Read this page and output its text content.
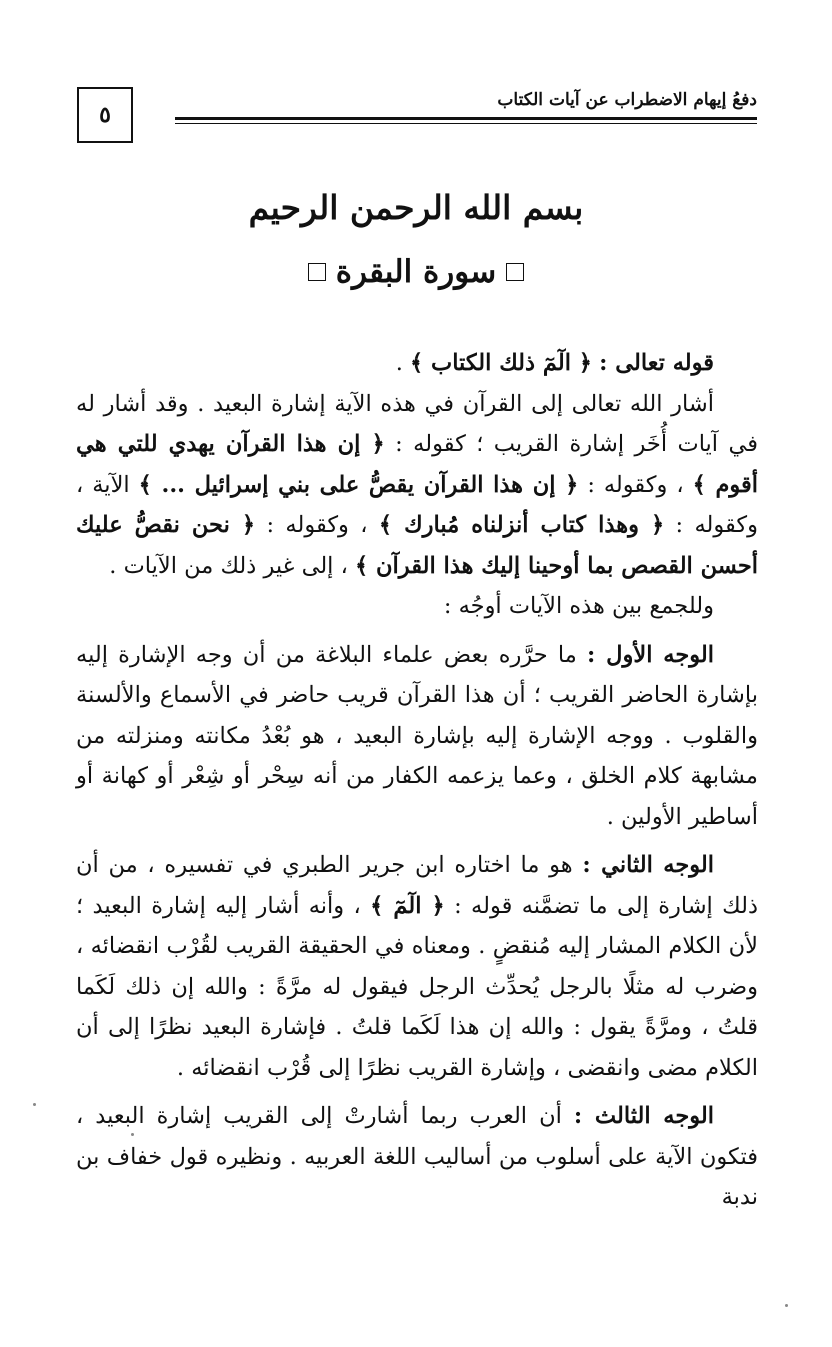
٥
دفعُ إيهام الاضطراب عن آيات الكتاب
بسم الله الرحمن الرحيم
سورة البقرة

قوله تعالى : ﴿ الٓمٓ ذلك الكتاب ﴾ .

أشار الله تعالى إلى القرآن في هذه الآية إشارة البعيد . وقد أشار له في آيات أُخَر إشارة القريب ؛ كقوله : ﴿ إن هذا القرآن يهدي للتي هي أقوم ﴾ ، وكقوله : ﴿ إن هذا القرآن يقصُّ على بني إسرائيل ... ﴾ الآية ، وكقوله : ﴿ وهذا كتاب أنزلناه مُبارك ﴾ ، وكقوله : ﴿ نحن نقصُّ عليك أحسن القصص بما أوحينا إليك هذا القرآن ﴾ ، إلى غير ذلك من الآيات .

وللجمع بين هذه الآيات أوجُه :

الوجه الأول : ما حرَّره بعض علماء البلاغة من أن وجه الإشارة إليه بإشارة الحاضر القريب ؛ أن هذا القرآن قريب حاضر في الأسماع والألسنة والقلوب . ووجه الإشارة إليه بإشارة البعيد ، هو بُعْدُ مكانته ومنزلته من مشابهة كلام الخلق ، وعما يزعمه الكفار من أنه سِحْر أو شِعْر أو كهانة أو أساطير الأولين .

الوجه الثاني : هو ما اختاره ابن جرير الطبري في تفسيره ، من أن ذلك إشارة إلى ما تضمَّنه قوله : ﴿ الٓمٓ ﴾ ، وأنه أشار إليه إشارة البعيد ؛ لأن الكلام المشار إليه مُنقضٍ . ومعناه في الحقيقة القريب لقُرْب انقضائه ، وضرب له مثلًا بالرجل يُحدِّث الرجل فيقول له مرَّةً : والله إن ذلك لَكَما قلتُ ، ومرَّةً يقول : والله إن هذا لَكَما قلتُ . فإشارة البعيد نظرًا إلى أن الكلام مضى وانقضى ، وإشارة القريب نظرًا إلى قُرْب انقضائه .

الوجه الثالث : أن العرب ربما أشارتْ إلى القريب إشارة البعيد ، فتكون الآية على أسلوب من أساليب اللغة العربيه . ونظيره قول خفاف بن ندبة
